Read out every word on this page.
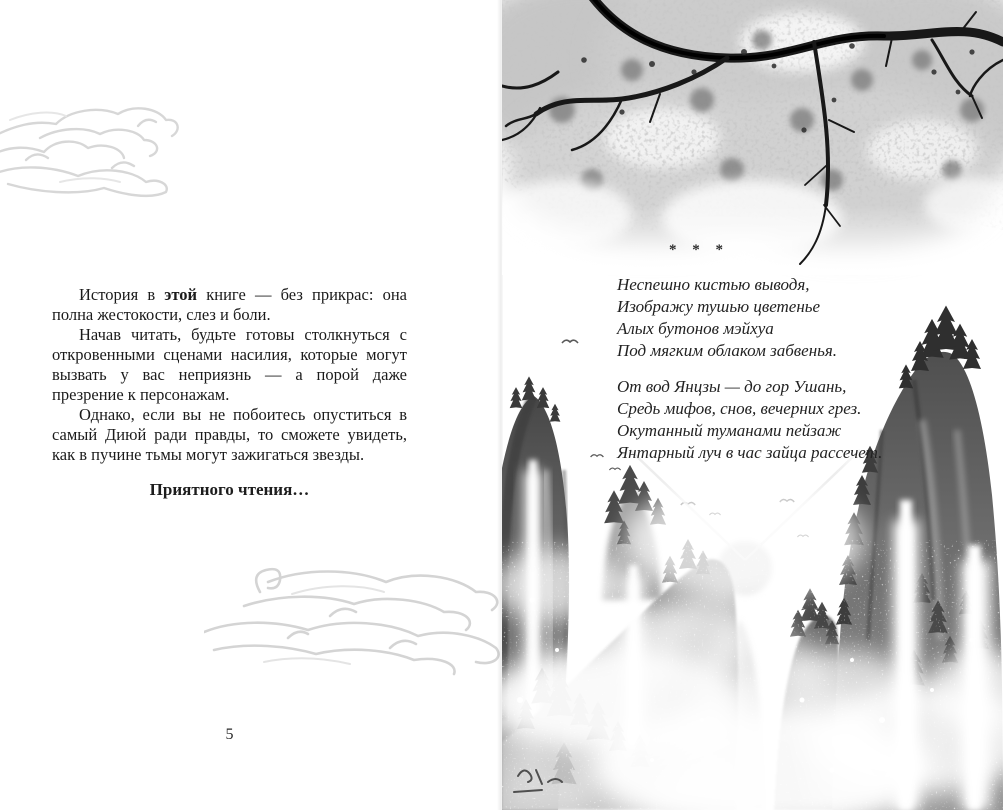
История в этой книге — без прикрас: она полна жестокости, слез и боли.

Начав читать, будьте готовы столкнуться с откровенными сценами насилия, которые могут вызвать у вас неприязнь — а порой даже презрение к персонажам.

Однако, если вы не побоитесь опуститься в самый Диюй ради правды, то сможете увидеть, как в пучине тьмы могут зажигаться звезды.

Приятного чтения…
5
* * *
Неспешно кистью выводя,
Изображу тушью цветенье
Алых бутонов мэйхуа
Под мягким облаком забвенья.
От вод Янцзы — до гор Ушань,
Средь мифов, снов, вечерних грез.
Окутанный туманами пейзаж
Янтарный луч в час зайца рассечет.
